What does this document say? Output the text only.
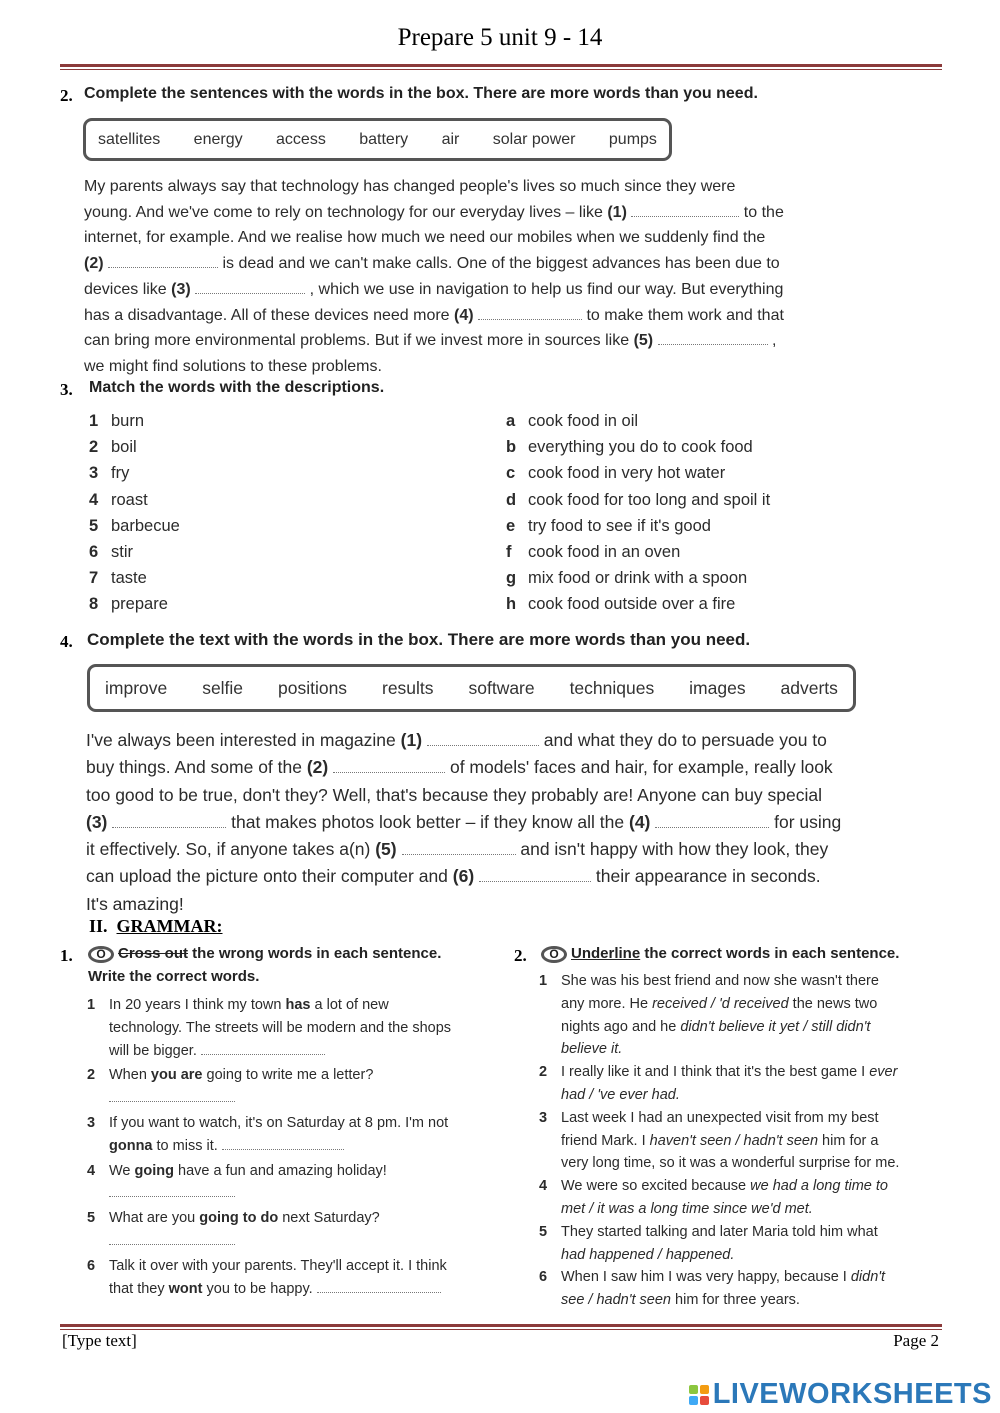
Prepare 5 unit 9 - 14
2. Complete the sentences with the words in the box. There are more words than you need.
satellites energy access battery air solar power pumps
My parents always say that technology has changed people's lives so much since they were
young. And we've come to rely on technology for our everyday lives – like (1)	to the
internet, for example. And we realise how much we need our mobiles when we suddenly find the
(2)	is dead and we can't make calls. One of the biggest advances has been due to
devices like (3)	, which we use in navigation to help us find our way. But everything
has a disadvantage. All of these devices need more (4)	to make them work and that
can bring more environmental problems. But if we invest more in sources like (5)	,
we might find solutions to these problems.
3. Match the words with the descriptions.
1 burn
2 boil
3 fry
4 roast
5 barbecue
6 stir
7 taste
8 prepare
a cook food in oil
b everything you do to cook food
c cook food in very hot water
d cook food for too long and spoil it
e try food to see if it's good
f	cook food in an oven
g mix food or drink with a spoon
h cook food outside over a fire
4. Complete the text with the words in the box. There are more words than you need.
improve selfie positions results software techniques images adverts
I've always been interested in magazine (1)	and what they do to persuade you to
buy things. And some of the (2)	of models' faces and hair, for example, really look
too good to be true, don't they? Well, that's because they probably are! Anyone can buy special
(3)	that makes photos look better – if they know all the (4)	for using
it effectively. So, if anyone takes a(n) (5)	and isn't happy with how they look, they
can upload the picture onto their computer and (6)	their appearance in seconds.
It's amazing!
II. GRAMMAR:
1.	O Cross out the wrong words in each sentence.
Write the correct words.
1 In 20 years I think my town has a lot of new
technology. The streets will be modern and the shops
will be bigger.
2 When you are going to write me a letter?
3 If you want to watch, it's on Saturday at 8 pm. I'm not
gonna to miss it.
4 We going have a fun and amazing holiday!
5 What are you going to do next Saturday?
6 Talk it over with your parents. They'll accept it. I think
that they wont you to be happy.
2.	O Underline the correct words in each sentence.
1 She was his best friend and now she wasn't there
any more. He received / 'd received the news two
nights ago and he didn't believe it yet / still didn't
believe it.
2 I really like it and I think that it's the best game I ever
had / 've ever had.
3 Last week I had an unexpected visit from my best
friend Mark. I haven't seen / hadn't seen him for a
very long time, so it was a wonderful surprise for me.
4 We were so excited because we had a long time to
met / it was a long time since we'd met.
5 They started talking and later Maria told him what
had happened / happened.
6 When I saw him I was very happy, because I didn't
see / hadn't seen him for three years.
[Type text]	Page 2
LIVEWORKSHEETS
